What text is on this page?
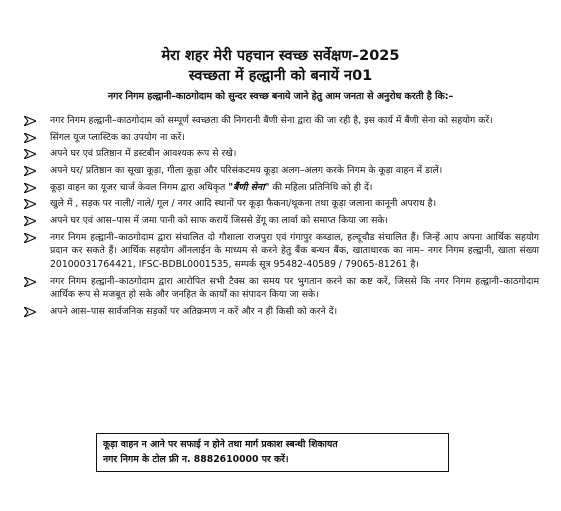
मेरा शहर मेरी पहचान स्वच्छ सर्वेक्षण–2025
स्वच्छता में हल्द्वानी को बनायें न01
नगर निगम हल्द्वानी–काठगोदाम को सुन्दर स्वच्छ बनाये जाने हेतु आम जनता से अनुरोध करती है कि:–
नगर निगम हल्द्वानी–काठगोदाम को सम्पूर्ण स्वच्छता की निगरानी बैंणी सेना द्वारा की जा रही है, इस कार्य में बैंणी सेना को सहयोग करें।
सिंगल यूज प्लास्टिक का उपयोग ना करें।
अपने घर एवं प्रतिष्ठान में डस्टबीन आवश्यक रूप से रखे।
अपने घर/ प्रतिष्ठान का सूखा कूड़ा, गीला कूड़ा और परिसंकटमय कूड़ा अलग–अलग करके निगम के कूड़ा वाहन में डालें।
कूड़ा वाहन का यूजर चार्ज केवल निगम द्वारा अधिकृत "बैंणी सेना" की महिला प्रतिनिधि को ही दें।
खुले में , सड़क पर नाली/ नाले/ गूल / नगर आदि स्थानों पर कूड़ा फैकना/थूकना तथा कूड़ा जलाना कानूनी अपराध है।
अपने घर एवं आस–पास में जमा पानी को साफ करायें जिससे डेंगू का लार्वा को समाप्त किया जा सके।
नगर निगम हल्द्वानी–काठगोदाम द्वारा संचालित दो गौशाला राजपुरा एवं गंगापुर कब्डाल, हल्दूचौड संचालित हैं। जिन्हें आप अपना आर्थिक सहयोग प्रदान कर सकते हैं। आर्थिक सहयोग ऑनलाईन के माध्यम से करने हेतु बैंक बन्धन बैंक, खाताधारक का नाम– नगर निगम हल्द्वानी, खाता संख्या 20100031764421, IFSC-BDBL0001535, सम्पर्क सूत्र 95482-40589 / 79065-81261 है।
नगर निगम हल्द्वानी–काठगोदाम द्वारा आरोपित सभी टैक्स का समय पर भुगतान करने का कष्ट करें, जिससे कि नगर निगम हल्द्वानी–काठगोदाम आर्थिक रूप से मजबूत हो सके और जनहित के कार्यों का संपादन किया जा सके।
अपने आस–पास सार्वजनिक सड़कों पर अतिक्रमण न करें और न ही किसी को करने दें।
कूड़ा वाहन न आने पर सफाई न होने तथा मार्ग प्रकाश स्बन्धी शिकायत
नगर निगम के टोल फ्री न. 8882610000 पर करें।
